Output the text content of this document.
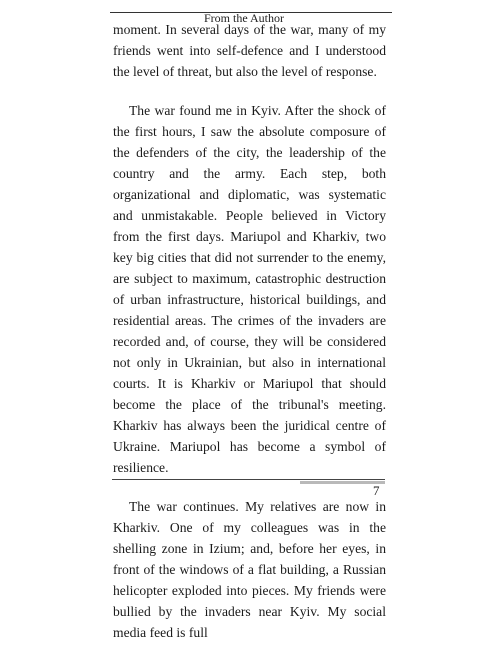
From the Author

moment. In several days of the war, many of my friends went into self-defence and I understood the level of threat, but also the level of response.

The war found me in Kyiv. After the shock of the first hours, I saw the absolute composure of the defenders of the city, the leadership of the country and the army. Each step, both organizational and diplomatic, was systematic and unmistakable. People believed in Victory from the first days. Mariupol and Kharkiv, two key big cities that did not surrender to the enemy, are subject to maximum, catastrophic destruction of urban infrastructure, historical buildings, and residential areas. The crimes of the invaders are recorded and, of course, they will be considered not only in Ukrainian, but also in international courts. It is Kharkiv or Mariupol that should become the place of the tribunal's meeting. Kharkiv has always been the juridical centre of Ukraine. Mariupol has become a symbol of resilience.

The war continues. My relatives are now in Kharkiv. One of my colleagues was in the shelling zone in Izium; and, before her eyes, in front of the windows of a flat building, a Russian helicopter exploded into pieces. My friends were bullied by the invaders near Kyiv. My social media feed is full

7
